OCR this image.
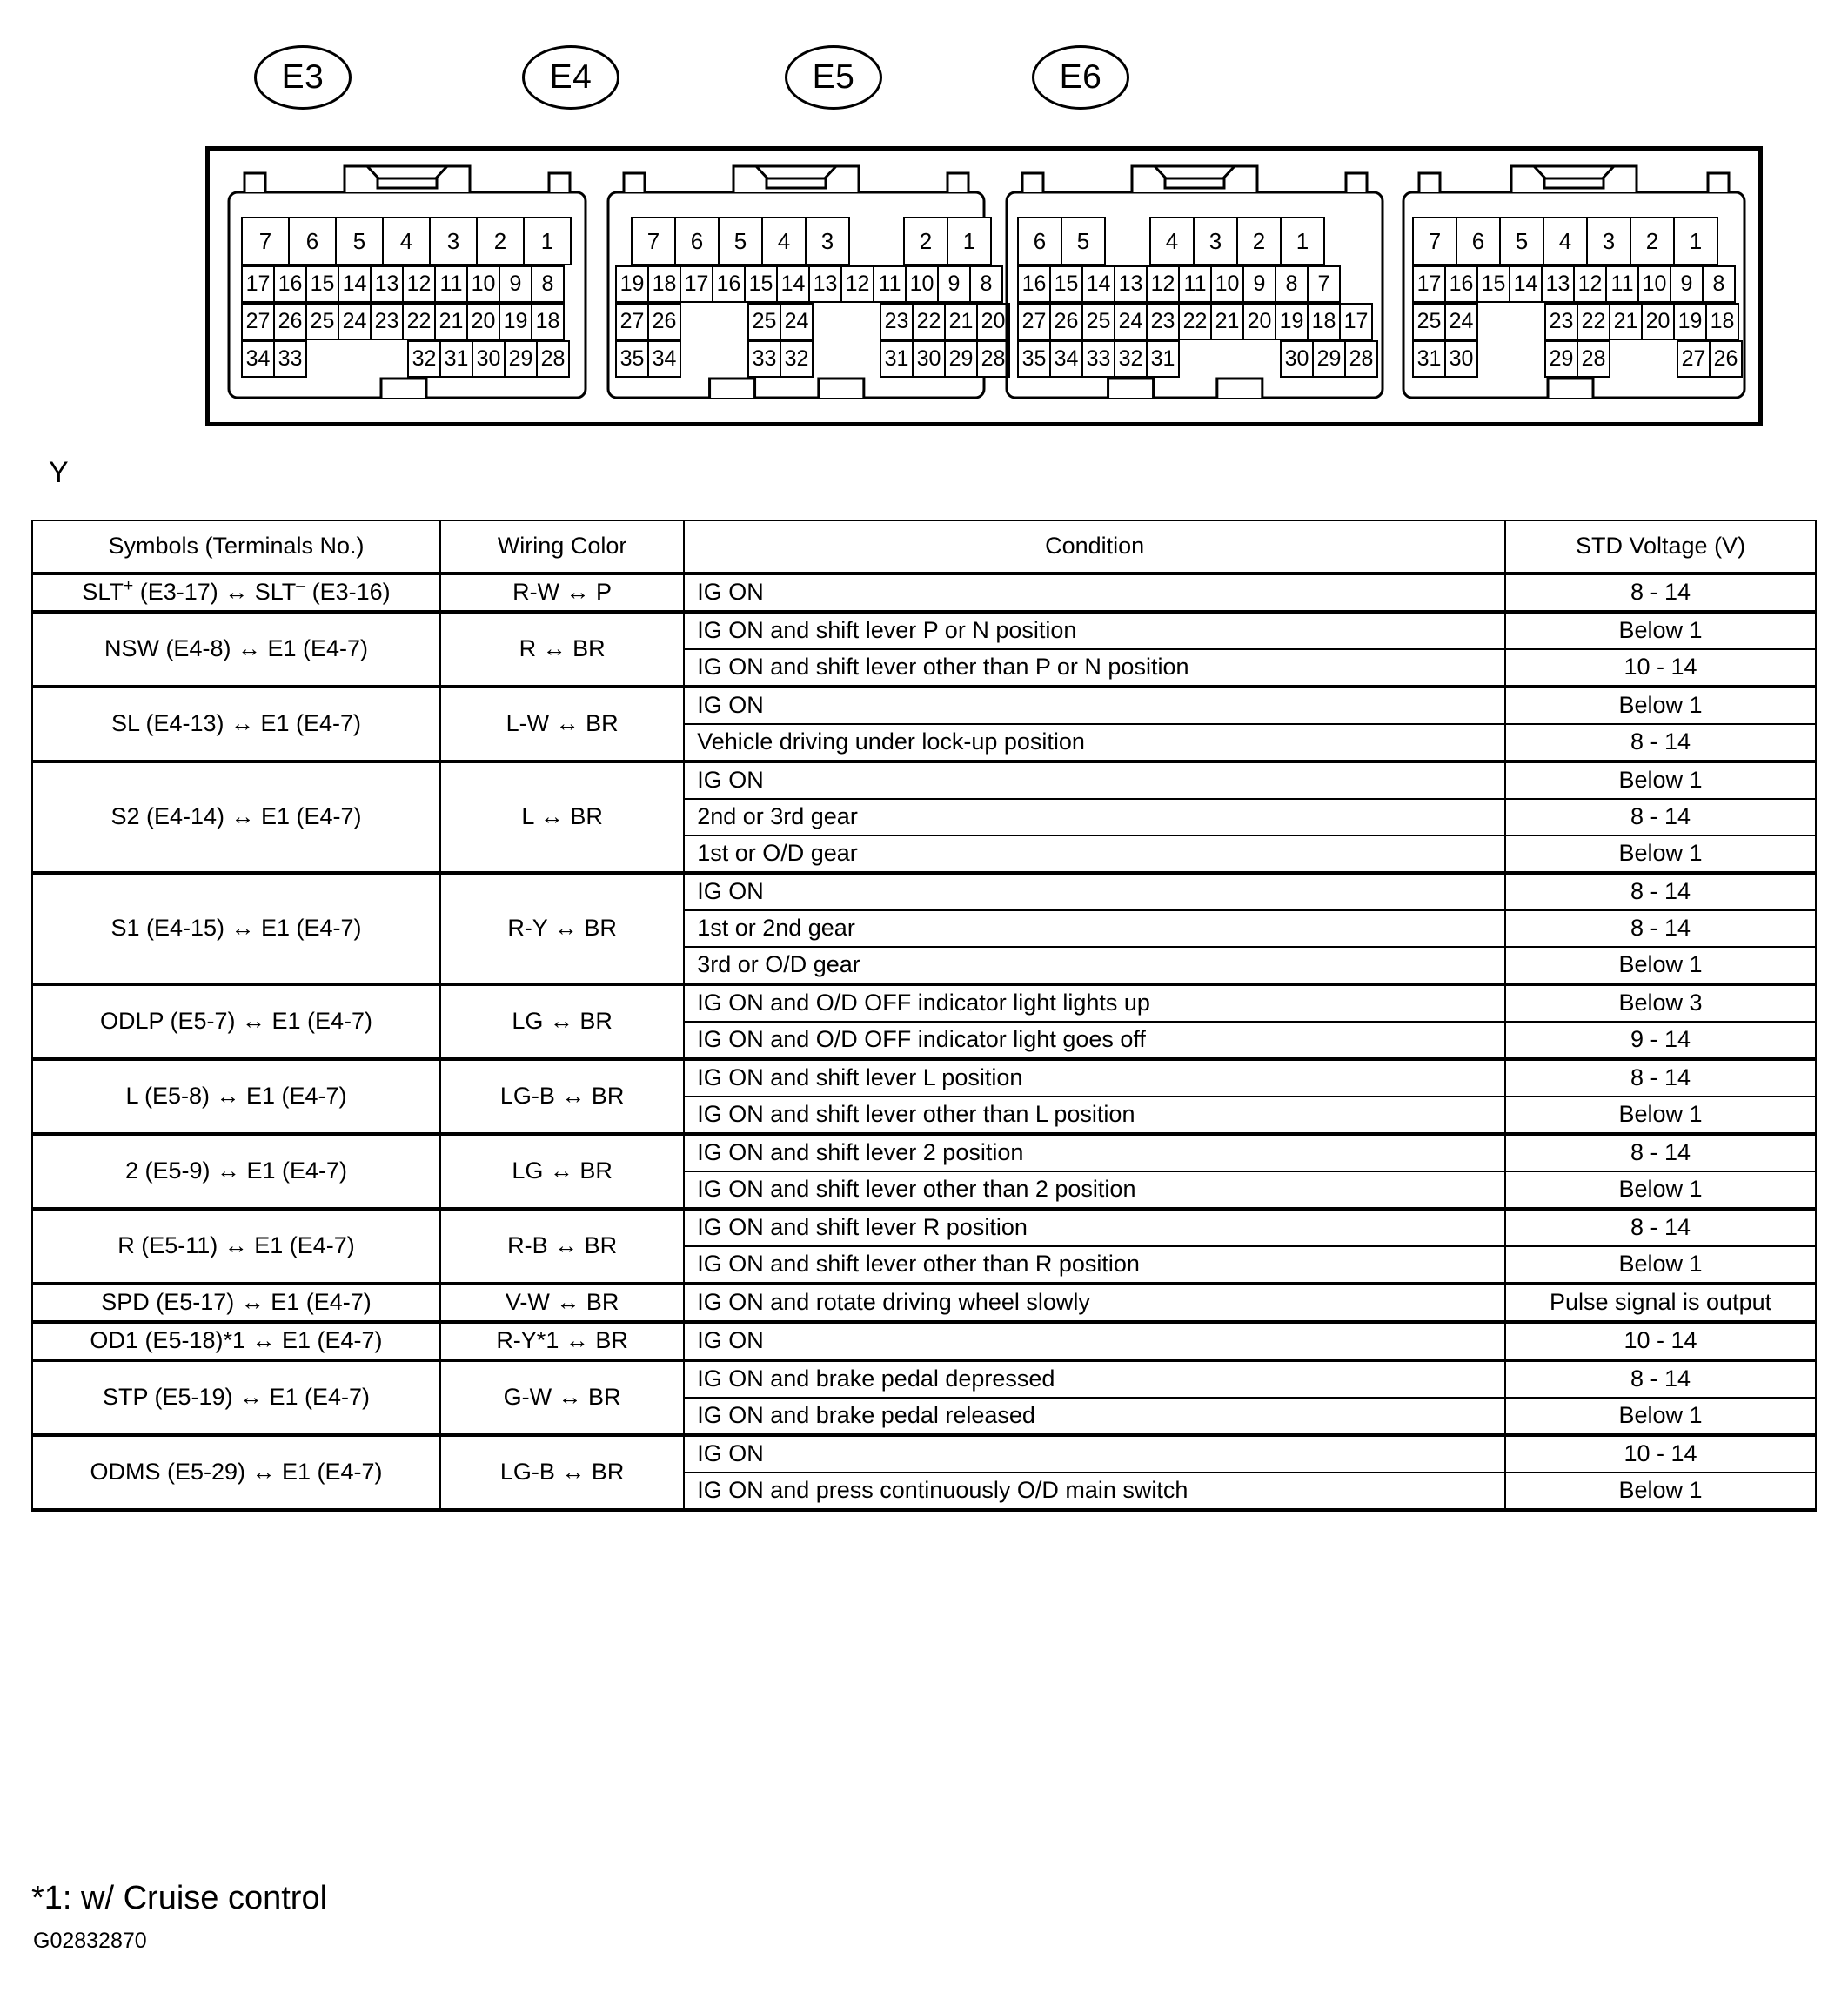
E3	E4	E5	E6
7	6	5	4	3	2	1
17 16 15 14 13 12 11 10 9 8
27 26 25 24 23 22 21 20 19 18
34 33	32 31 30 29 28
7	6	5	4	3	2	1
19 18 17 16 15 14 13 12 11 10 9 8
27 26	25 24	23 22 21 20
35 34	33 32	31 30 29 28
6	5	4	3	2	1
16 15 14 13 12 11 10 9 8 7
27 26 25 24 23 22 21 20 19 18 17
35 34 33 32 31	30 29 28
7	6	5	4	3	2	1
17 16 15 14 13 12 11 10 9 8
25 24	23 22 21 20 19 18
31 30	29 28	27 26
Y
Symbols (Terminals No.)	Wiring Color	Condition	STD Voltage (V)
SLT+ (E3-17) ↔ SLT– (E3-16)	R-W ↔ P	IG ON	8 - 14
NSW (E4-8) ↔ E1 (E4-7)	R ↔ BR	IG ON and shift lever P or N position	Below 1
		IG ON and shift lever other than P or N position	10 - 14
SL (E4-13) ↔ E1 (E4-7)	L-W ↔ BR	IG ON	Below 1
		Vehicle driving under lock-up position	8 - 14
S2 (E4-14) ↔ E1 (E4-7)	L ↔ BR	IG ON	Below 1
		2nd or 3rd gear	8 - 14
		1st or O/D gear	Below 1
S1 (E4-15) ↔ E1 (E4-7)	R-Y ↔ BR	IG ON	8 - 14
		1st or 2nd gear	8 - 14
		3rd or O/D gear	Below 1
ODLP (E5-7) ↔ E1 (E4-7)	LG ↔ BR	IG ON and O/D OFF indicator light lights up	Below 3
		IG ON and O/D OFF indicator light goes off	9 - 14
L (E5-8) ↔ E1 (E4-7)	LG-B ↔ BR	IG ON and shift lever L position	8 - 14
		IG ON and shift lever other than L position	Below 1
2 (E5-9) ↔ E1 (E4-7)	LG ↔ BR	IG ON and shift lever 2 position	8 - 14
		IG ON and shift lever other than 2 position	Below 1
R (E5-11) ↔ E1 (E4-7)	R-B ↔ BR	IG ON and shift lever R position	8 - 14
		IG ON and shift lever other than R position	Below 1
SPD (E5-17) ↔ E1 (E4-7)	V-W ↔ BR	IG ON and rotate driving wheel slowly	Pulse signal is output
OD1 (E5-18)*1 ↔ E1 (E4-7)	R-Y*1 ↔ BR	IG ON	10 - 14
STP (E5-19) ↔ E1 (E4-7)	G-W ↔ BR	IG ON and brake pedal depressed	8 - 14
		IG ON and brake pedal released	Below 1
ODMS (E5-29) ↔ E1 (E4-7)	LG-B ↔ BR	IG ON	10 - 14
		IG ON and press continuously O/D main switch	Below 1
*1: w/ Cruise control
G02832870
